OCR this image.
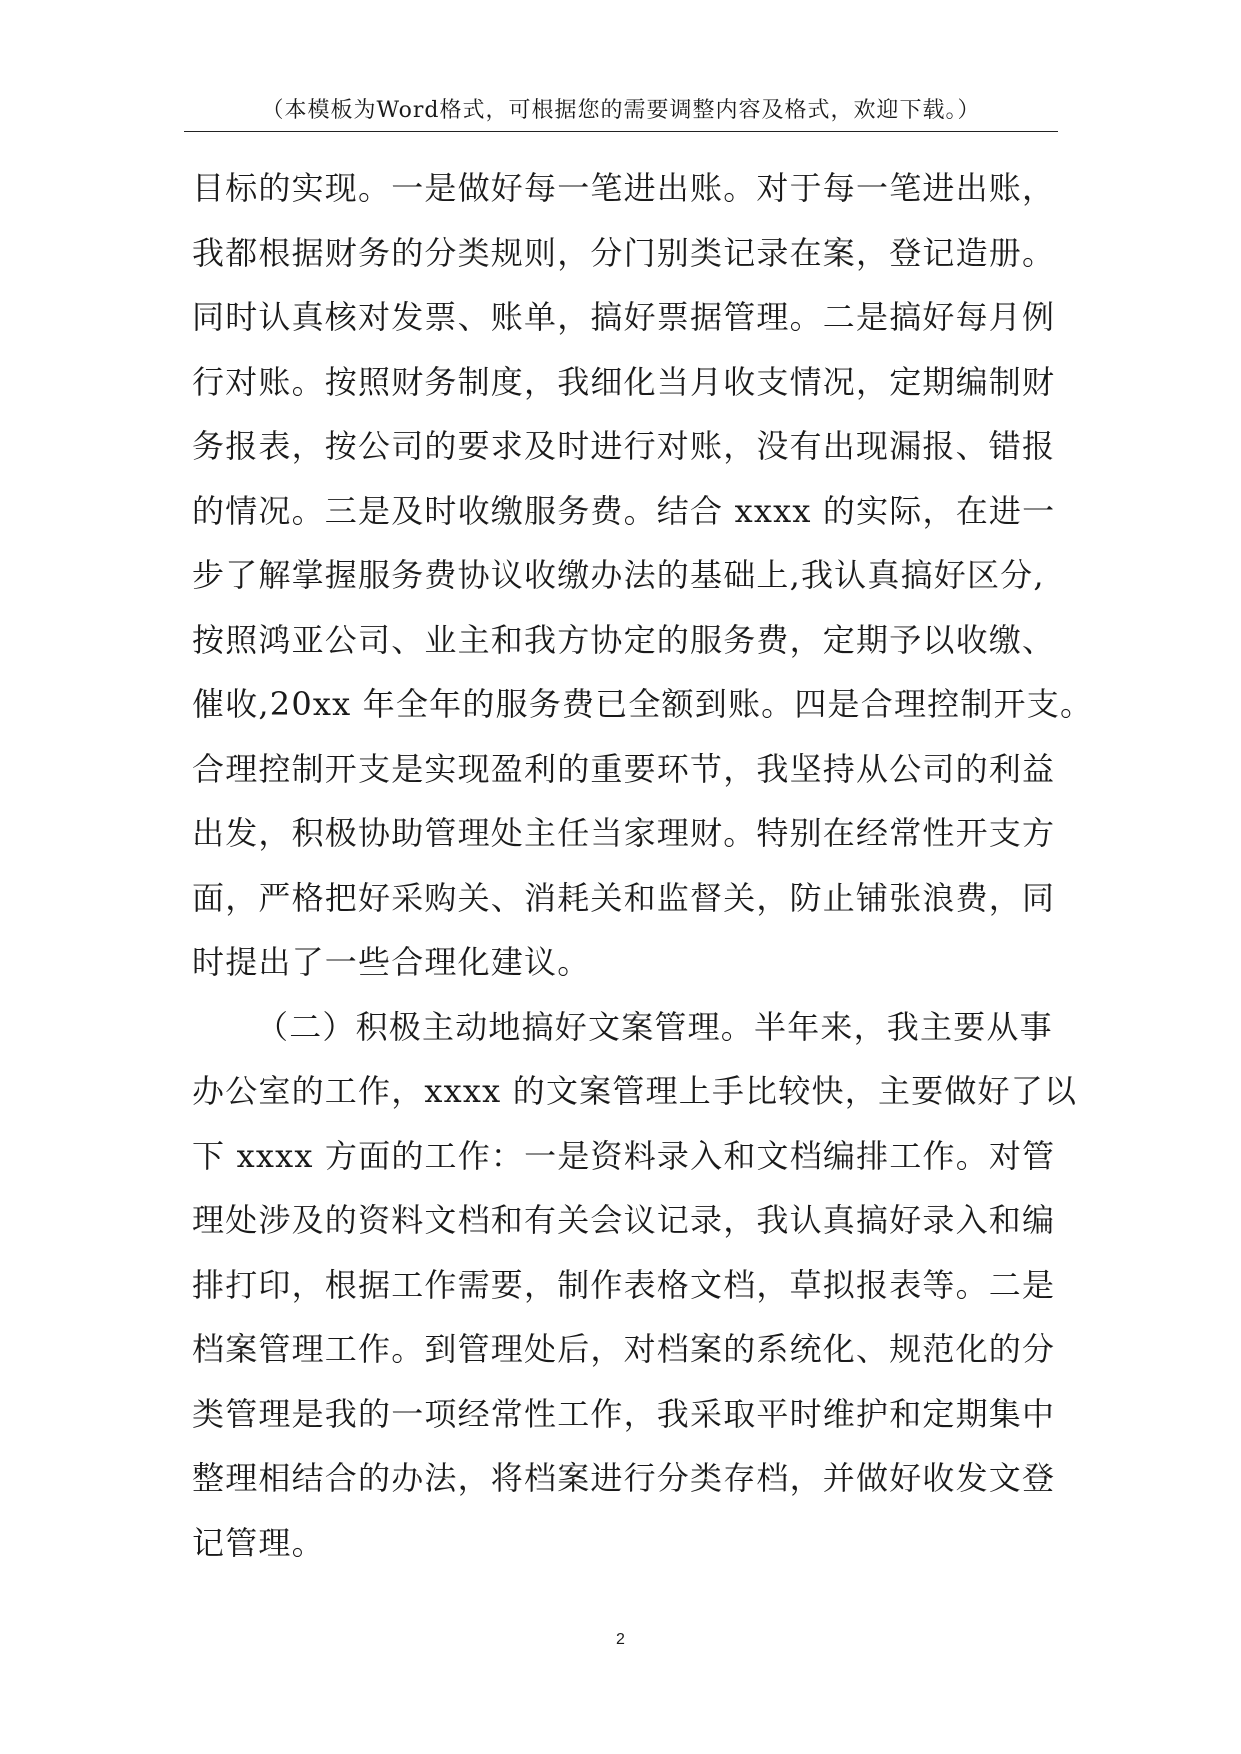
（本模板为Word格式，可根据您的需要调整内容及格式，欢迎下载。）
目标的实现。一是做好每一笔进出账。对于每一笔进出账，
我都根据财务的分类规则，分门别类记录在案，登记造册。
同时认真核对发票、账单，搞好票据管理。二是搞好每月例
行对账。按照财务制度，我细化当月收支情况，定期编制财
务报表，按公司的要求及时进行对账，没有出现漏报、错报
的情况。三是及时收缴服务费。结合 xxxx 的实际，在进一
步了解掌握服务费协议收缴办法的基础上,我认真搞好区分,
按照鸿亚公司、业主和我方协定的服务费，定期予以收缴、
催收,20xx 年全年的服务费已全额到账。四是合理控制开支。
合理控制开支是实现盈利的重要环节，我坚持从公司的利益
出发，积极协助管理处主任当家理财。特别在经常性开支方
面，严格把好采购关、消耗关和监督关，防止铺张浪费，同
时提出了一些合理化建议。
（二）积极主动地搞好文案管理。半年来，我主要从事
办公室的工作，xxxx 的文案管理上手比较快，主要做好了以
下 xxxx 方面的工作：一是资料录入和文档编排工作。对管
理处涉及的资料文档和有关会议记录，我认真搞好录入和编
排打印，根据工作需要，制作表格文档，草拟报表等。二是
档案管理工作。到管理处后，对档案的系统化、规范化的分
类管理是我的一项经常性工作，我采取平时维护和定期集中
整理相结合的办法，将档案进行分类存档，并做好收发文登
记管理。
2
